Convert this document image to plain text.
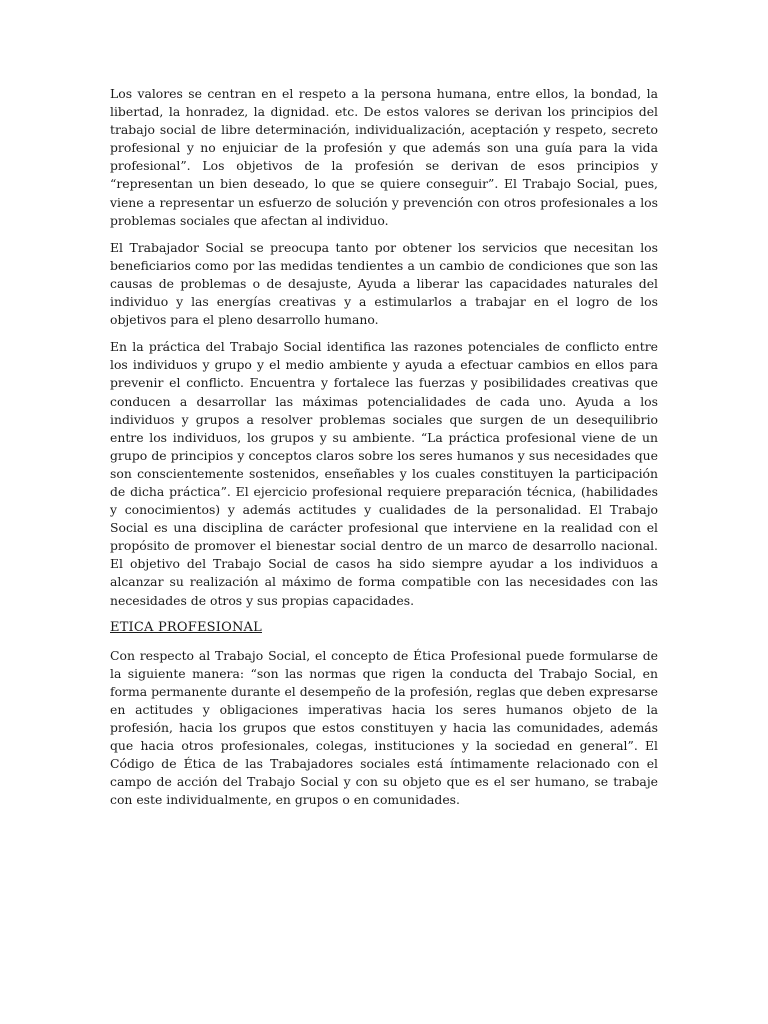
Los valores se centran en el respeto a la persona humana, entre ellos, la bondad, la libertad, la honradez, la dignidad. etc. De estos valores se derivan los principios del trabajo social de libre determinación, individualización, aceptación y respeto, secreto profesional y no enjuiciar de la profesión y que además son una guía para la vida profesional”. Los objetivos de la profesión se derivan de esos principios y “representan un bien deseado, lo que se quiere conseguir”. El Trabajo Social, pues, viene a representar un esfuerzo de solución y prevención con otros profesionales a los problemas sociales que afectan al individuo.

El Trabajador Social se preocupa tanto por obtener los servicios que necesitan los beneficiarios como por las medidas tendientes a un cambio de condiciones que son las causas de problemas o de desajuste, Ayuda a liberar las capacidades naturales del individuo y las energías creativas y a estimularlos a trabajar en el logro de los objetivos para el pleno desarrollo humano.

En la práctica del Trabajo Social identifica las razones potenciales de conflicto entre los individuos y grupo y el medio ambiente y ayuda a efectuar cambios en ellos para prevenir el conflicto. Encuentra y fortalece las fuerzas y posibilidades creativas que conducen a desarrollar las máximas potencialidades de cada uno. Ayuda a los individuos y grupos a resolver problemas sociales que surgen de un desequilibrio entre los individuos, los grupos y su ambiente. “La práctica profesional viene de un grupo de principios y conceptos claros sobre los seres humanos y sus necesidades que son conscientemente sostenidos, enseñables y los cuales constituyen la participación de dicha práctica”. El ejercicio profesional requiere preparación técnica, (habilidades y conocimientos) y además actitudes y cualidades de la personalidad. El Trabajo Social es una disciplina de carácter profesional que interviene en la realidad con el propósito de promover el bienestar social dentro de un marco de desarrollo nacional. El objetivo del Trabajo Social de casos ha sido siempre ayudar a los individuos a alcanzar su realización al máximo de forma compatible con las necesidades con las necesidades de otros y sus propias capacidades.

ETICA PROFESIONAL

Con respecto al Trabajo Social, el concepto de Ética Profesional puede formularse de la siguiente manera: “son las normas que rigen la conducta del Trabajo Social, en forma permanente durante el desempeño de la profesión, reglas que deben expresarse en actitudes y obligaciones imperativas hacia los seres humanos objeto de la profesión, hacia los grupos que estos constituyen y hacia las comunidades, además que hacia otros profesionales, colegas, instituciones y la sociedad en general”. El Código de Ética de las Trabajadores sociales está íntimamente relacionado con el campo de acción del Trabajo Social y con su objeto que es el ser humano, se trabaje con este individualmente, en grupos o en comunidades.
